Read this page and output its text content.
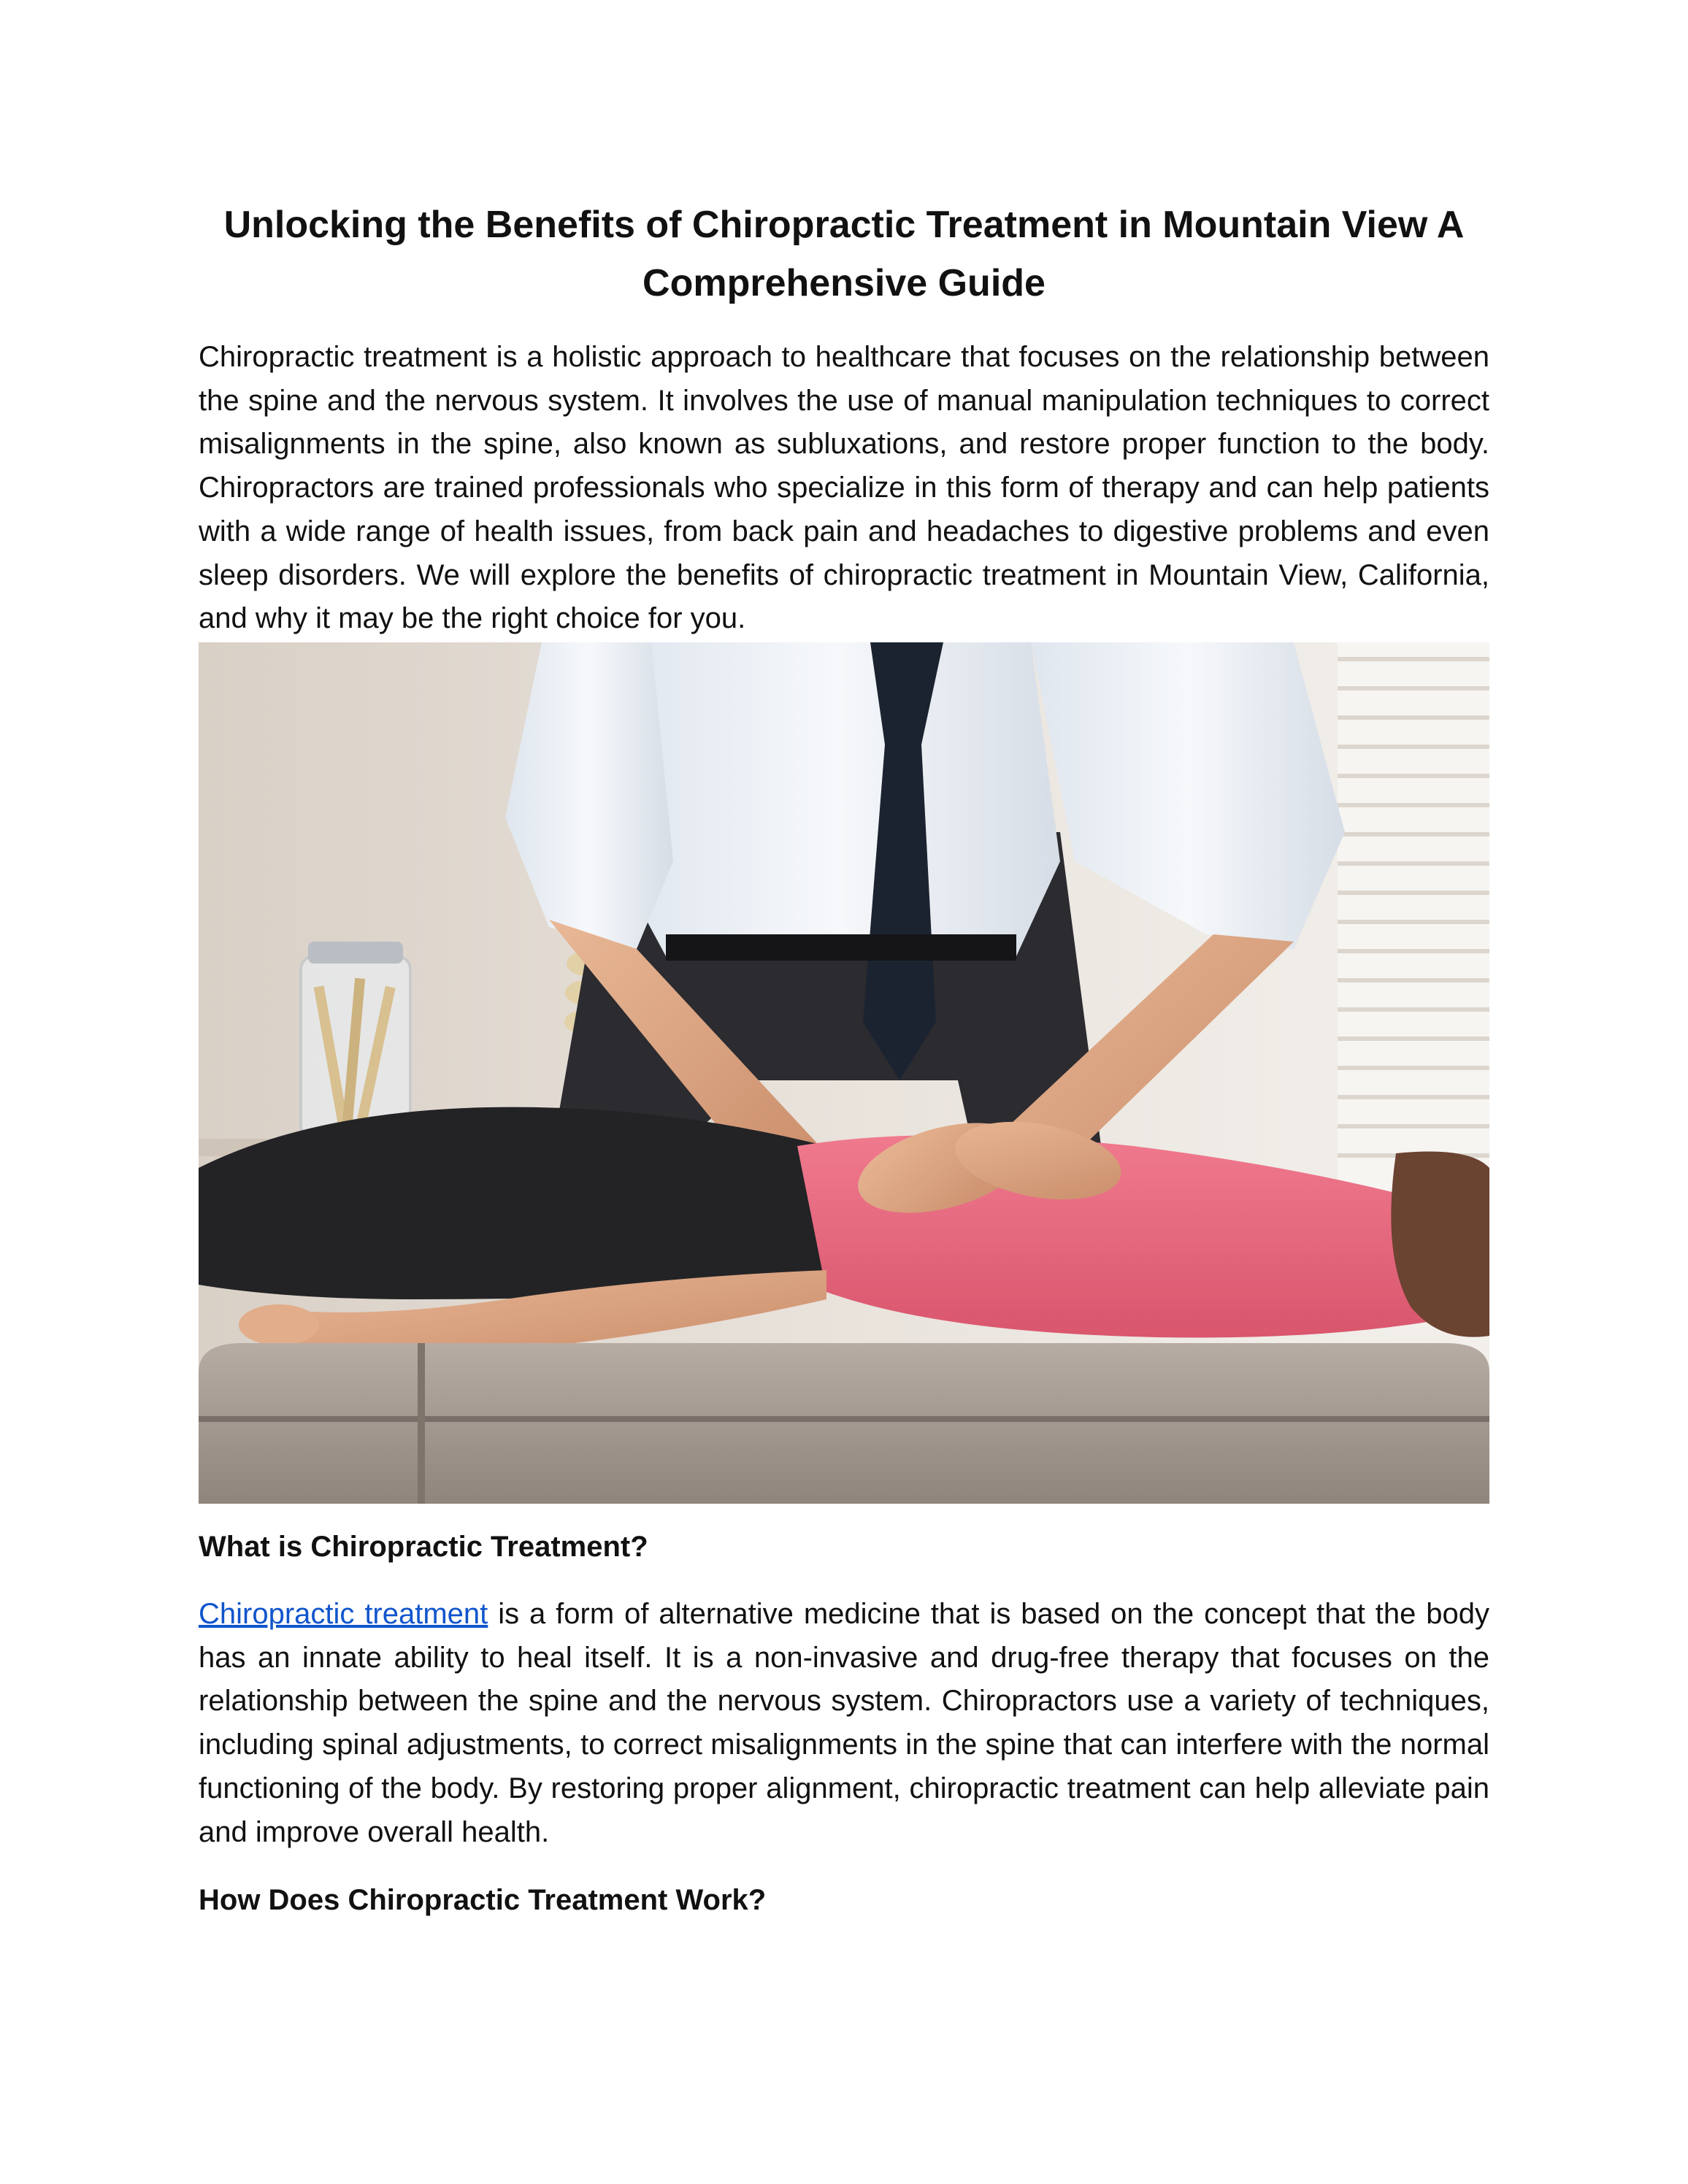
Unlocking the Benefits of Chiropractic Treatment in Mountain View A Comprehensive Guide

Chiropractic treatment is a holistic approach to healthcare that focuses on the relationship between the spine and the nervous system. It involves the use of manual manipulation techniques to correct misalignments in the spine, also known as subluxations, and restore proper function to the body. Chiropractors are trained professionals who specialize in this form of therapy and can help patients with a wide range of health issues, from back pain and headaches to digestive problems and even sleep disorders. We will explore the benefits of chiropractic treatment in Mountain View, California, and why it may be the right choice for you.

What is Chiropractic Treatment?

Chiropractic treatment is a form of alternative medicine that is based on the concept that the body has an innate ability to heal itself. It is a non-invasive and drug-free therapy that focuses on the relationship between the spine and the nervous system. Chiropractors use a variety of techniques, including spinal adjustments, to correct misalignments in the spine that can interfere with the normal functioning of the body. By restoring proper alignment, chiropractic treatment can help alleviate pain and improve overall health.

How Does Chiropractic Treatment Work?
